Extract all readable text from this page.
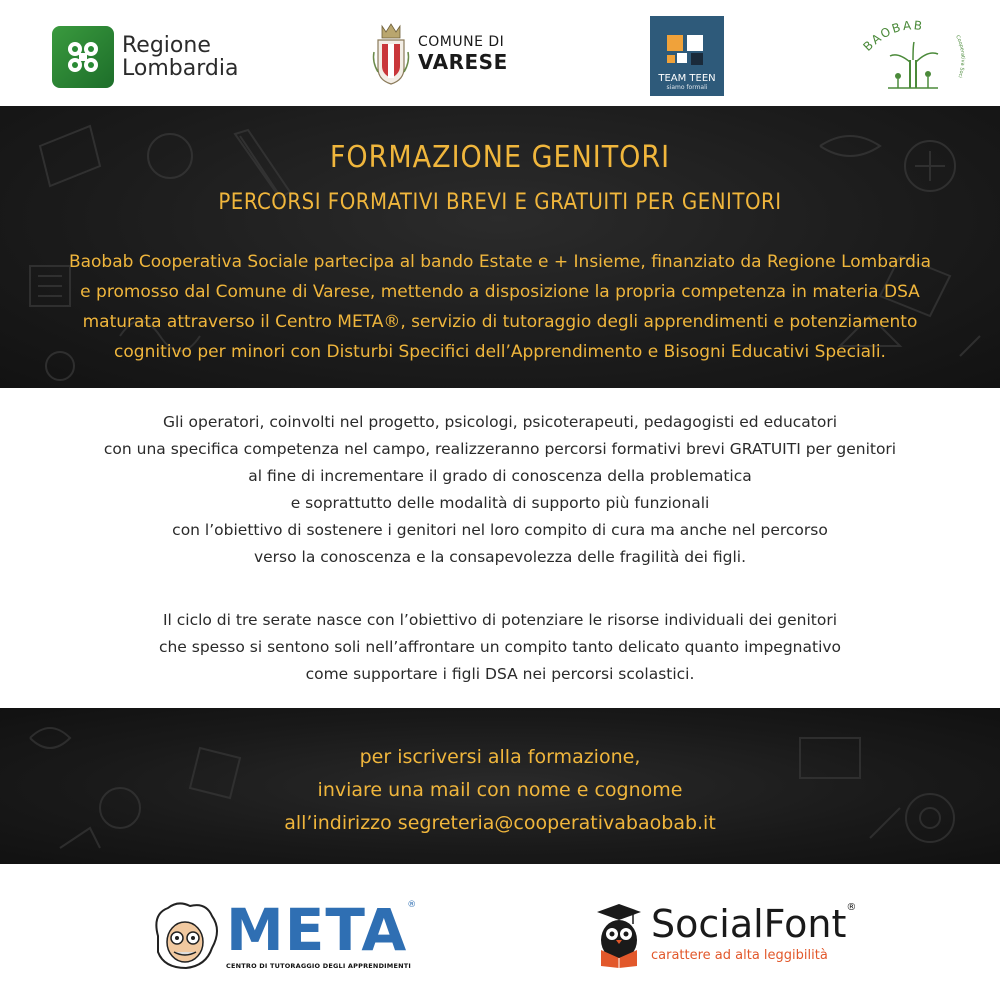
Regione
Lombardia
COMUNE DI
VARESE
TEAM TEEN
siamo formali
BAOBAB
Cooperativa Soci
FORMAZIONE GENITORI
PERCORSI FORMATIVI BREVI E GRATUITI PER GENITORI
Baobab Cooperativa Sociale partecipa al bando Estate e + Insieme, finanziato da Regione Lombardia
e promosso dal Comune di Varese, mettendo a disposizione la propria competenza in materia DSA
maturata attraverso il Centro META®, servizio di tutoraggio degli apprendimenti e potenziamento
cognitivo per minori con Disturbi Specifici dell’Apprendimento e Bisogni Educativi Speciali.
Gli operatori, coinvolti nel progetto, psicologi, psicoterapeuti, pedagogisti ed educatori
con una specifica competenza nel campo, realizzeranno percorsi formativi brevi GRATUITI per genitori
al fine di incrementare il grado di conoscenza della problematica
e soprattutto delle modalità di supporto più funzionali
con l’obiettivo di sostenere i genitori nel loro compito di cura ma anche nel percorso
verso la conoscenza e la consapevolezza delle fragilità dei figli.
Il ciclo di tre serate nasce con l’obiettivo di potenziare le risorse individuali dei genitori
che spesso si sentono soli nell’affrontare un compito tanto delicato quanto impegnativo
come supportare i figli DSA nei percorsi scolastici.
per iscriversi alla formazione,
inviare una mail con nome e cognome
all’indirizzo segreteria@cooperativabaobab.it
META®
CENTRO DI TUTORAGGIO DEGLI APPRENDIMENTI
SocialFont®
carattere ad alta leggibilità
